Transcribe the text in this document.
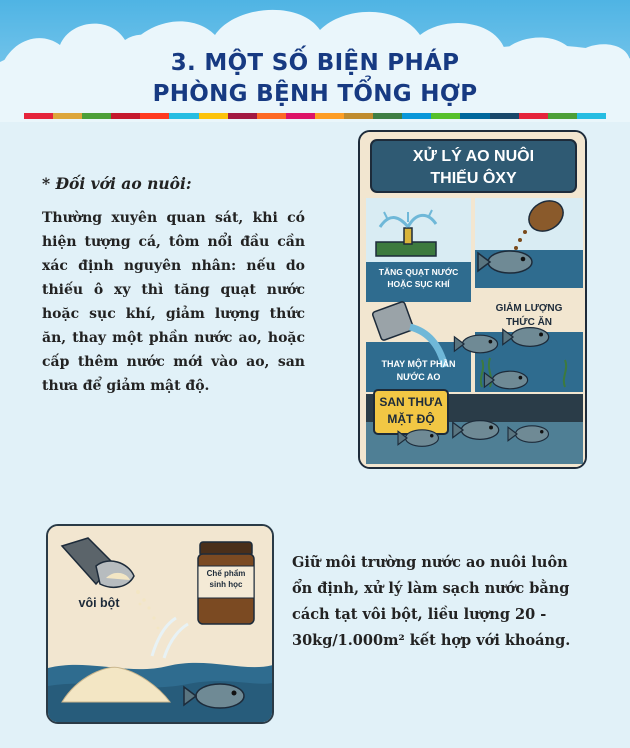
3. MỘT SỐ BIỆN PHÁP
PHÒNG BỆNH TỔNG HỢP
* Đối với ao nuôi:
Thường xuyên quan sát, khi có hiện tượng cá, tôm nổi đầu cần xác định nguyên nhân: nếu do thiếu ô xy thì tăng quạt nước hoặc sục khí, giảm lượng thức ăn, thay một phần nước ao, hoặc cấp thêm nước mới vào ao, san thưa để giảm mật độ.
XỬ LÝ AO NUÔI
THIẾU ÔXY
TĂNG QUẠT NƯỚC
HOẶC SỤC KHÍ
GIẢM LƯỢNG
THỨC ĂN
THAY MỘT PHẦN
NƯỚC AO
SAN THƯA
MẶT ĐỘ
vôi bột
Chế phẩm
sinh học
Giữ môi trường nước ao nuôi luôn ổn định, xử lý làm sạch nước bằng cách tạt vôi bột, liều lượng 20 - 30kg/1.000m² kết hợp với khoáng.
